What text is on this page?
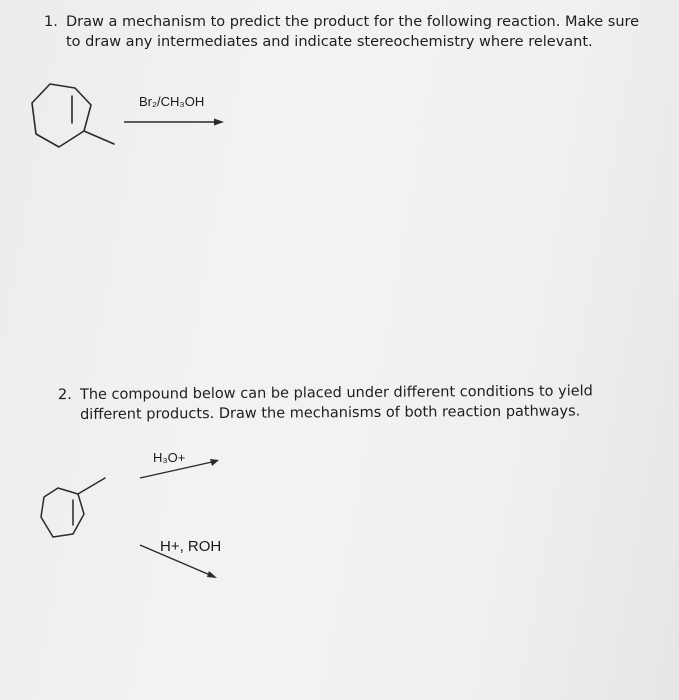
1. Draw a mechanism to predict the product for the following reaction. Make sure to draw any intermediates and indicate stereochemistry where relevant.
Br₂/CH₃OH
2. The compound below can be placed under different conditions to yield different products. Draw the mechanisms of both reaction pathways.
H₃O+
H+, ROH
